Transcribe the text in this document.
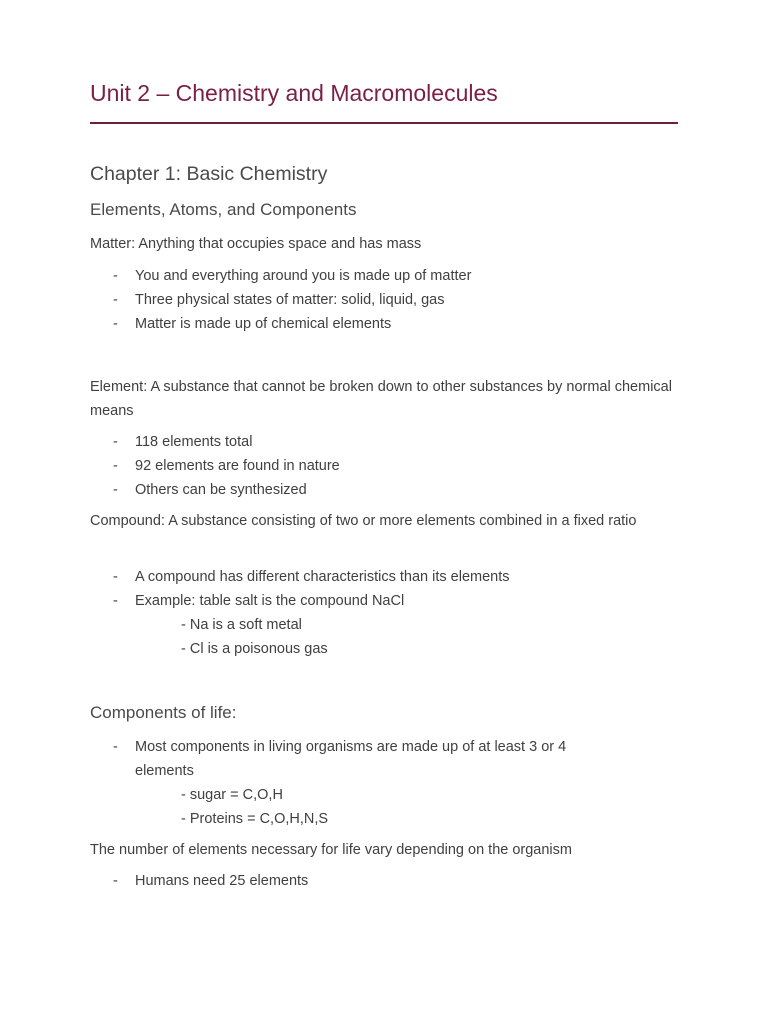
Unit 2 – Chemistry and Macromolecules
Chapter 1: Basic Chemistry
Elements, Atoms, and Components

Matter: Anything that occupies space and has mass

- You and everything around you is made up of matter
- Three physical states of matter: solid, liquid, gas
- Matter is made up of chemical elements

Element: A substance that cannot be broken down to other substances by normal chemical means

- 118 elements total
- 92 elements are found in nature
- Others can be synthesized

Compound: A substance consisting of two or more elements combined in a fixed ratio

- A compound has different characteristics than its elements
- Example: table salt is the compound NaCl
- Na is a soft metal
- Cl is a poisonous gas
Components of life:
- Most components in living organisms are made up of at least 3 or 4 elements
- sugar = C,O,H
- Proteins = C,O,H,N,S

The number of elements necessary for life vary depending on the organism

- Humans need 25 elements
